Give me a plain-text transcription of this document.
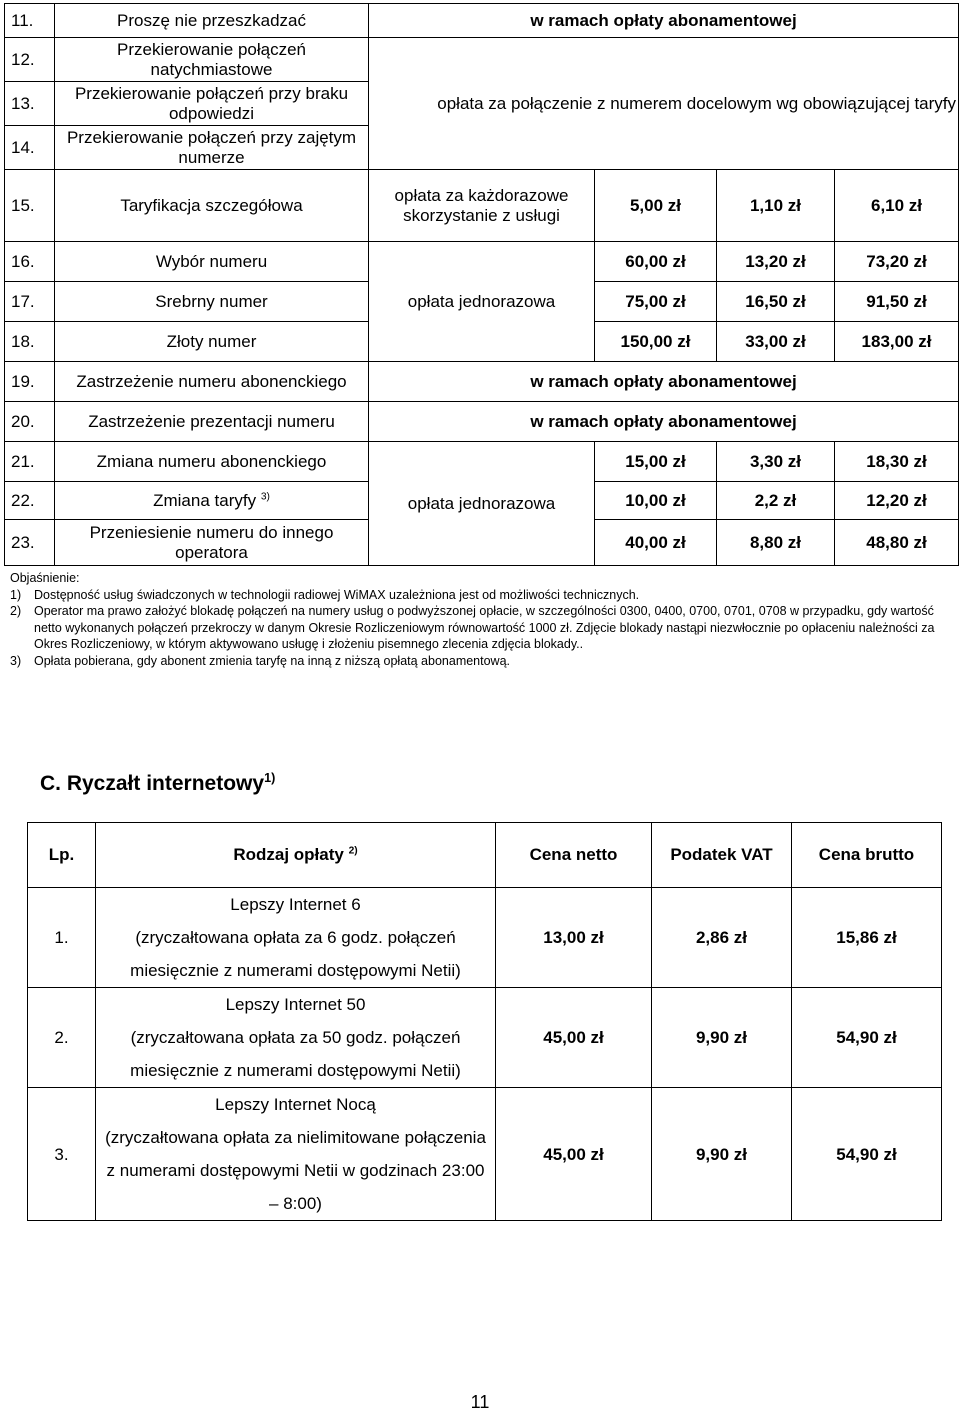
11.	Proszę nie przeszkadzać	w ramach opłaty abonamentowej			
12.	Przekierowanie połączeń natychmiastowe	opłata za połączenie z numerem docelowym wg obowiązującej taryfy			
13.	Przekierowanie połączeń przy braku odpowiedzi				
14.	Przekierowanie połączeń przy zajętym numerze				
15.	Taryfikacja szczegółowa	opłata za każdorazowe skorzystanie z usługi	5,00 zł	1,10 zł	6,10 zł
16.	Wybór numeru	opłata jednorazowa	60,00 zł	13,20 zł	73,20 zł
17.	Srebrny numer		75,00 zł	16,50 zł	91,50 zł
18.	Złoty numer		150,00 zł	33,00 zł	183,00 zł
19.	Zastrzeżenie numeru abonenckiego	w ramach opłaty abonamentowej			
20.	Zastrzeżenie prezentacji numeru	w ramach opłaty abonamentowej			
21.	Zmiana numeru abonenckiego	opłata jednorazowa	15,00 zł	3,30 zł	18,30 zł
22.	Zmiana taryfy $^{3)}$		10,00 zł	2,2 zł	12,20 zł
23.	Przeniesienie numeru do innego operatora		40,00 zł	8,80 zł	48,80 zł
Objaśnienie:
1)	Dostępność usług świadczonych w technologii radiowej WiMAX uzależniona jest od możliwości technicznych.
2)	Operator ma prawo założyć blokadę połączeń na numery usług o podwyższonej opłacie, w szczególności 0300, 0400, 0700, 0701, 0708 w przypadku, gdy wartość netto wykonanych połączeń przekroczy w danym Okresie Rozliczeniowym równowartość 1000 zł. Zdjęcie blokady nastąpi niezwłocznie po opłaceniu należności za Okres Rozliczeniowy, w którym aktywowano usługę i złożeniu pisemnego zlecenia zdjęcia blokady..
3)	Opłata pobierana, gdy abonent zmienia taryfę na inną z niższą opłatą abonamentową.
C. Ryczałt internetowy$^{1)}$
Lp.	Rodzaj opłaty $^{2)}$	Cena netto	Podatek VAT	Cena brutto
1.	Lepszy Internet 6
(zryczałtowana opłata za 6 godz. połączeń miesięcznie z numerami dostępowymi Netii)	13,00 zł	2,86 zł	15,86 zł
2.	Lepszy Internet 50
(zryczałtowana opłata za 50 godz. połączeń miesięcznie z numerami dostępowymi Netii)	45,00 zł	9,90 zł	54,90 zł
3.	Lepszy Internet Nocą
(zryczałtowana opłata za nielimitowane połączenia z numerami dostępowymi Netii w godzinach 23:00 – 8:00)	45,00 zł	9,90 zł	54,90 zł
11
